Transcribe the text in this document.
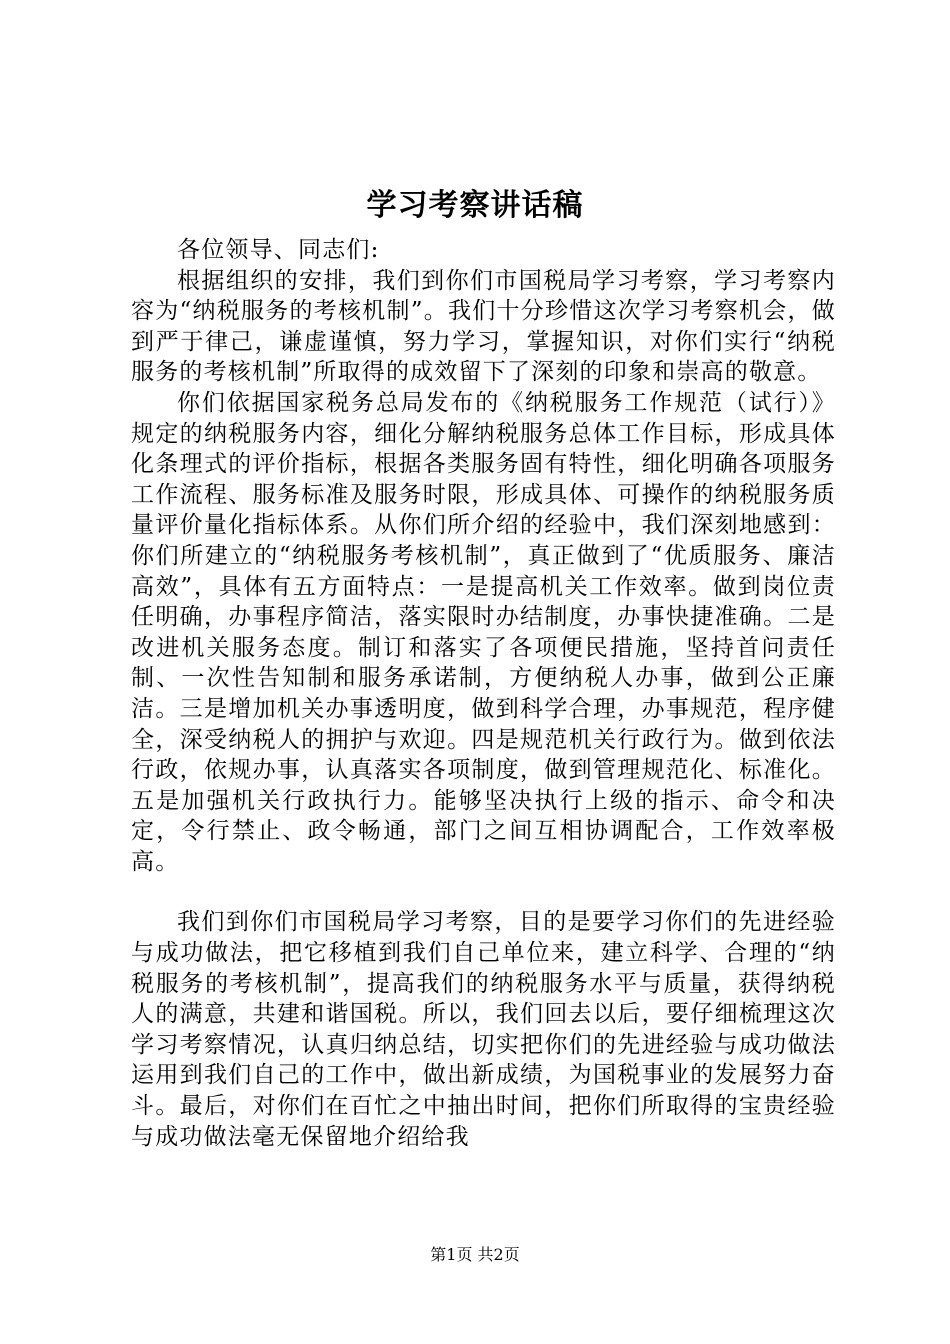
学习考察讲话稿

各位领导、同志们:

根据组织的安排，我们到你们市国税局学习考察，学习考察内容为“纳税服务的考核机制”。我们十分珍惜这次学习考察机会，做到严于律己，谦虚谨慎，努力学习，掌握知识，对你们实行“纳税服务的考核机制”所取得的成效留下了深刻的印象和崇高的敬意。

你们依据国家税务总局发布的《纳税服务工作规范（试行）》规定的纳税服务内容，细化分解纳税服务总体工作目标，形成具体化条理式的评价指标，根据各类服务固有特性，细化明确各项服务工作流程、服务标准及服务时限，形成具体、可操作的纳税服务质量评价量化指标体系。从你们所介绍的经验中，我们深刻地感到：你们所建立的“纳税服务考核机制”，真正做到了“优质服务、廉洁高效”，具体有五方面特点：一是提高机关工作效率。做到岗位责任明确，办事程序简洁，落实限时办结制度，办事快捷准确。二是改进机关服务态度。制订和落实了各项便民措施，坚持首问责任制、一次性告知制和服务承诺制，方便纳税人办事，做到公正廉洁。三是增加机关办事透明度，做到科学合理，办事规范，程序健全，深受纳税人的拥护与欢迎。四是规范机关行政行为。做到依法行政，依规办事，认真落实各项制度，做到管理规范化、标准化。五是加强机关行政执行力。能够坚决执行上级的指示、命令和决定，令行禁止、政令畅通，部门之间互相协调配合，工作效率极高。

我们到你们市国税局学习考察，目的是要学习你们的先进经验与成功做法，把它移植到我们自己单位来，建立科学、合理的“纳税服务的考核机制”，提高我们的纳税服务水平与质量，获得纳税人的满意，共建和谐国税。所以，我们回去以后，要仔细梳理这次学习考察情况，认真归纳总结，切实把你们的先进经验与成功做法运用到我们自己的工作中，做出新成绩，为国税事业的发展努力奋斗。最后，对你们在百忙之中抽出时间，把你们所取得的宝贵经验与成功做法毫无保留地介绍给我

第1页 共2页
